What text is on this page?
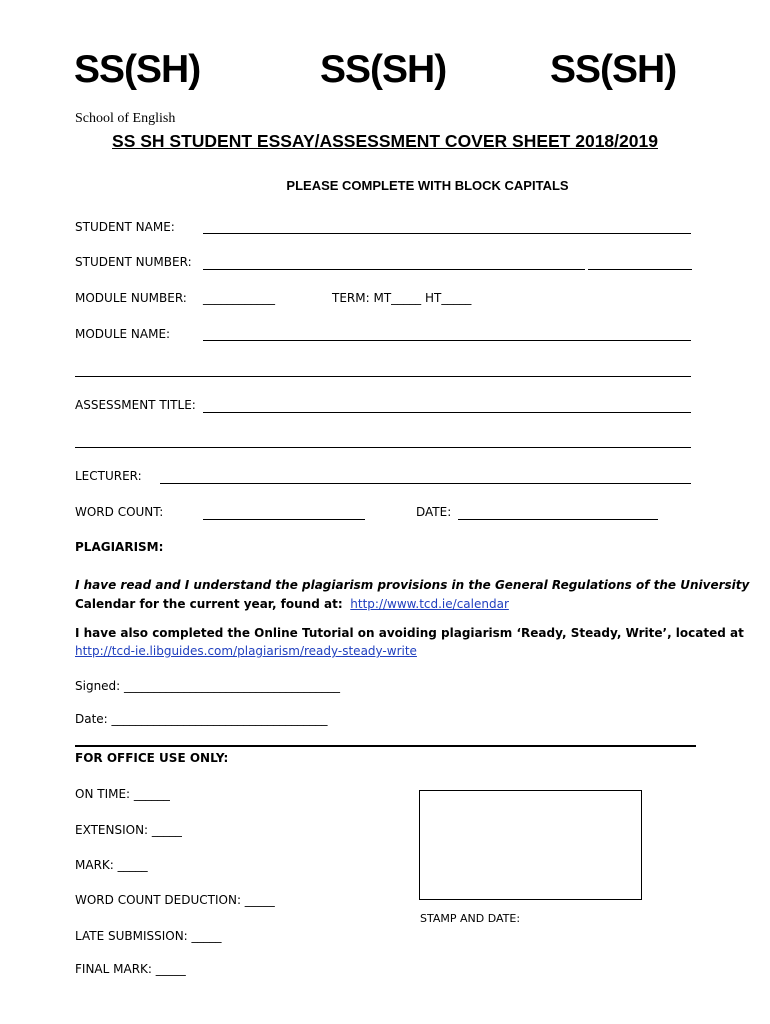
SS(SH)	SS(SH)	SS(SH)
School of English
SS SH STUDENT ESSAY/ASSESSMENT COVER SHEET 2018/2019
PLEASE COMPLETE WITH BLOCK CAPITALS
STUDENT NAME:
STUDENT NUMBER:
MODULE NUMBER: ____________	TERM: MT_____ HT_____
MODULE NAME:
ASSESSMENT TITLE:
LECTURER:
WORD COUNT:	DATE:
PLAGIARISM:
I have read and I understand the plagiarism provisions in the General Regulations of the University
Calendar for the current year, found at: http://www.tcd.ie/calendar
I have also completed the Online Tutorial on avoiding plagiarism ‘Ready, Steady, Write’, located at
http://tcd-ie.libguides.com/plagiarism/ready-steady-write
Signed: ____________________________________
Date: ____________________________________
FOR OFFICE USE ONLY:
ON TIME: ______
EXTENSION: _____
MARK: _____
WORD COUNT DEDUCTION: _____
LATE SUBMISSION: _____
FINAL MARK: _____
STAMP AND DATE:
